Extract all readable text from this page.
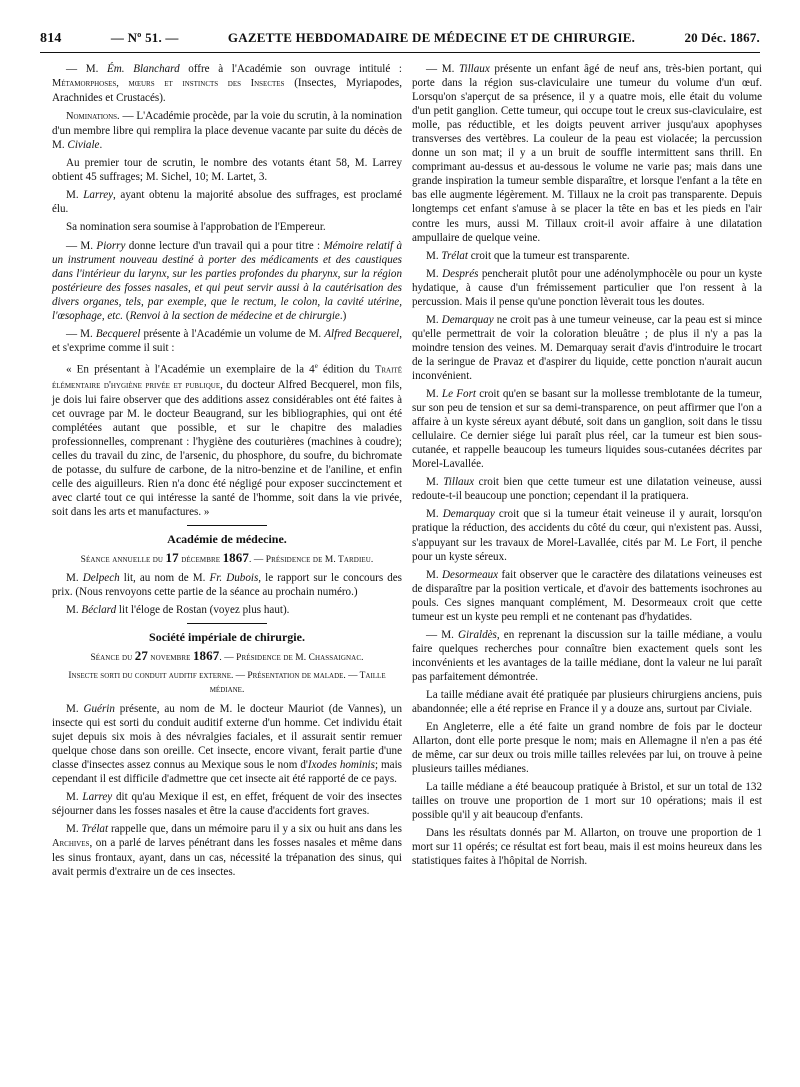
814	— Nº 51. —	GAZETTE HEBDOMADAIRE DE MÉDECINE ET DE CHIRURGIE.	20 Déc. 1867.

— M. Ém. Blanchard offre à l'Académie son ouvrage intitulé : Métamorphoses, mœurs et instincts des Insectes (Insectes, Myriapodes, Arachnides et Crustacés).

Nominations. — L'Académie procède, par la voie du scrutin, à la nomination d'un membre libre qui remplira la place devenue vacante par suite du décès de M. Civiale.

Au premier tour de scrutin, le nombre des votants étant 58, M. Larrey obtient 45 suffrages; M. Sichel, 10; M. Lartet, 3.

M. Larrey, ayant obtenu la majorité absolue des suffrages, est proclamé élu.

Sa nomination sera soumise à l'approbation de l'Empereur.

— M. Piorry donne lecture d'un travail qui a pour titre : Mémoire relatif à un instrument nouveau destiné à porter des médicaments et des caustiques dans l'intérieur du larynx, sur les parties profondes du pharynx, sur la région postérieure des fosses nasales, et qui peut servir aussi à la cautérisation des divers organes, tels, par exemple, que le rectum, le colon, la cavité utérine, l'œsophage, etc. (Renvoi à la section de médecine et de chirurgie.)

— M. Becquerel présente à l'Académie un volume de M. Alfred Becquerel, et s'exprime comme il suit :

« En présentant à l'Académie un exemplaire de la 4e édition du Traité élémentaire d'hygiène privée et publique, du docteur Alfred Becquerel, mon fils, je dois lui faire observer que des additions assez considérables ont été faites à cet ouvrage par M. le docteur Beaugrand, sur les bibliographies, qui ont été complétées autant que possible, et sur le chapitre des maladies professionnelles, comprenant : l'hygiène des couturières (machines à coudre); celles du travail du zinc, de l'arsenic, du phosphore, du soufre, du bichromate de potasse, du sulfure de carbone, de la nitro-benzine et de l'aniline, et enfin celle des aiguilleurs. Rien n'a donc été négligé pour exposer succinctement et avec clarté tout ce qui intéresse la santé de l'homme, soit dans la vie privée, soit dans les arts et manufactures. »

Académie de médecine.

Séance annuelle du 17 décembre 1867. — Présidence de M. Tardieu.

M. Delpech lit, au nom de M. Fr. Dubois, le rapport sur le concours des prix. (Nous renvoyons cette partie de la séance au prochain numéro.)

M. Béclard lit l'éloge de Rostan (voyez plus haut).

Société impériale de chirurgie.

Séance du 27 novembre 1867. — Présidence de M. Chassaignac.

Insecte sorti du conduit auditif externe. — Présentation de malade. — Taille médiane.

M. Guérin présente, au nom de M. le docteur Mauriot (de Vannes), un insecte qui est sorti du conduit auditif externe d'un homme. Cet individu était sujet depuis six mois à des névralgies faciales, et il assurait sentir remuer quelque chose dans son oreille. Cet insecte, encore vivant, ferait partie d'une classe d'insectes assez connus au Mexique sous le nom d'Ixodes hominis; mais cependant il est difficile d'admettre que cet insecte ait été rapporté de ce pays.

M. Larrey dit qu'au Mexique il est, en effet, fréquent de voir des insectes séjourner dans les fosses nasales et être la cause d'accidents fort graves.

M. Trélat rappelle que, dans un mémoire paru il y a six ou huit ans dans les Archives, on a parlé de larves pénétrant dans les fosses nasales et même dans les sinus frontaux, ayant, dans un cas, nécessité la trépanation des sinus, qui avait permis d'extraire un de ces insectes.

— M. Tillaux présente un enfant âgé de neuf ans, très-bien portant, qui porte dans la région sus-claviculaire une tumeur du volume d'un œuf. Lorsqu'on s'aperçut de sa présence, il y a quatre mois, elle était du volume d'un petit ganglion. Cette tumeur, qui occupe tout le creux sus-claviculaire, est molle, pas réductible, et les doigts peuvent arriver jusqu'aux apophyses transverses des vertèbres. La couleur de la peau est violacée; la percussion donne un son mat; il y a un bruit de souffle intermittent sans thrill. En comprimant au-dessus et au-dessous le volume ne varie pas; mais dans une grande inspiration la tumeur semble disparaître, et lorsque l'enfant a la tête en bas elle augmente légèrement. M. Tillaux ne la croit pas transparente. Depuis longtemps cet enfant s'amuse à se placer la tête en bas et les pieds en l'air contre les murs, aussi M. Tillaux croit-il avoir affaire à une dilatation ampullaire de quelque veine.

M. Trélat croit que la tumeur est transparente.

M. Després pencherait plutôt pour une adénolymphocèle ou pour un kyste hydatique, à cause d'un frémissement particulier que l'on ressent à la percussion. Mais il pense qu'une ponction lèverait tous les doutes.

M. Demarquay ne croit pas à une tumeur veineuse, car la peau est si mince qu'elle permettrait de voir la coloration bleuâtre ; de plus il n'y a pas la moindre tension des veines. M. Demarquay serait d'avis d'introduire le trocart de la seringue de Pravaz et d'aspirer du liquide, cette ponction n'aurait aucun inconvénient.

M. Le Fort croit qu'en se basant sur la mollesse tremblotante de la tumeur, sur son peu de tension et sur sa demi-transparence, on peut affirmer que l'on a affaire à un kyste séreux ayant débuté, soit dans un ganglion, soit dans le tissu cellulaire. Ce dernier siége lui paraît plus réel, car la tumeur est bien sous-cutanée, et rappelle beaucoup les tumeurs liquides sous-cutanées décrites par Morel-Lavallée.

M. Tillaux croit bien que cette tumeur est une dilatation veineuse, aussi redoute-t-il beaucoup une ponction; cependant il la pratiquera.

M. Demarquay croit que si la tumeur était veineuse il y aurait, lorsqu'on pratique la réduction, des accidents du côté du cœur, qui n'existent pas. Aussi, s'appuyant sur les travaux de Morel-Lavallée, cités par M. Le Fort, il penche pour un kyste séreux.

M. Desormeaux fait observer que le caractère des dilatations veineuses est de disparaître par la position verticale, et d'avoir des battements isochrones au pouls. Ces signes manquant complément, M. Desormeaux croit que cette tumeur est un kyste peu rempli et ne contenant pas d'hydatides.

— M. Giraldès, en reprenant la discussion sur la taille médiane, a voulu faire quelques recherches pour connaître bien exactement quels sont les inconvénients et les avantages de la taille médiane, dont la valeur ne lui paraît pas parfaitement démontrée.

La taille médiane avait été pratiquée par plusieurs chirurgiens anciens, puis abandonnée; elle a été reprise en France il y a douze ans, surtout par Civiale.

En Angleterre, elle a été faite un grand nombre de fois par le docteur Allarton, dont elle porte presque le nom; mais en Allemagne il n'en a pas été de même, car sur deux ou trois mille tailles relevées par lui, on trouve à peine plusieurs tailles médianes.

La taille médiane a été beaucoup pratiquée à Bristol, et sur un total de 132 tailles on trouve une proportion de 1 mort sur 10 opérations; mais il est possible qu'il y ait beaucoup d'enfants.

Dans les résultats donnés par M. Allarton, on trouve une proportion de 1 mort sur 11 opérés; ce résultat est fort beau, mais il est moins heureux dans les statistiques faites à l'hôpital de Norrish.
